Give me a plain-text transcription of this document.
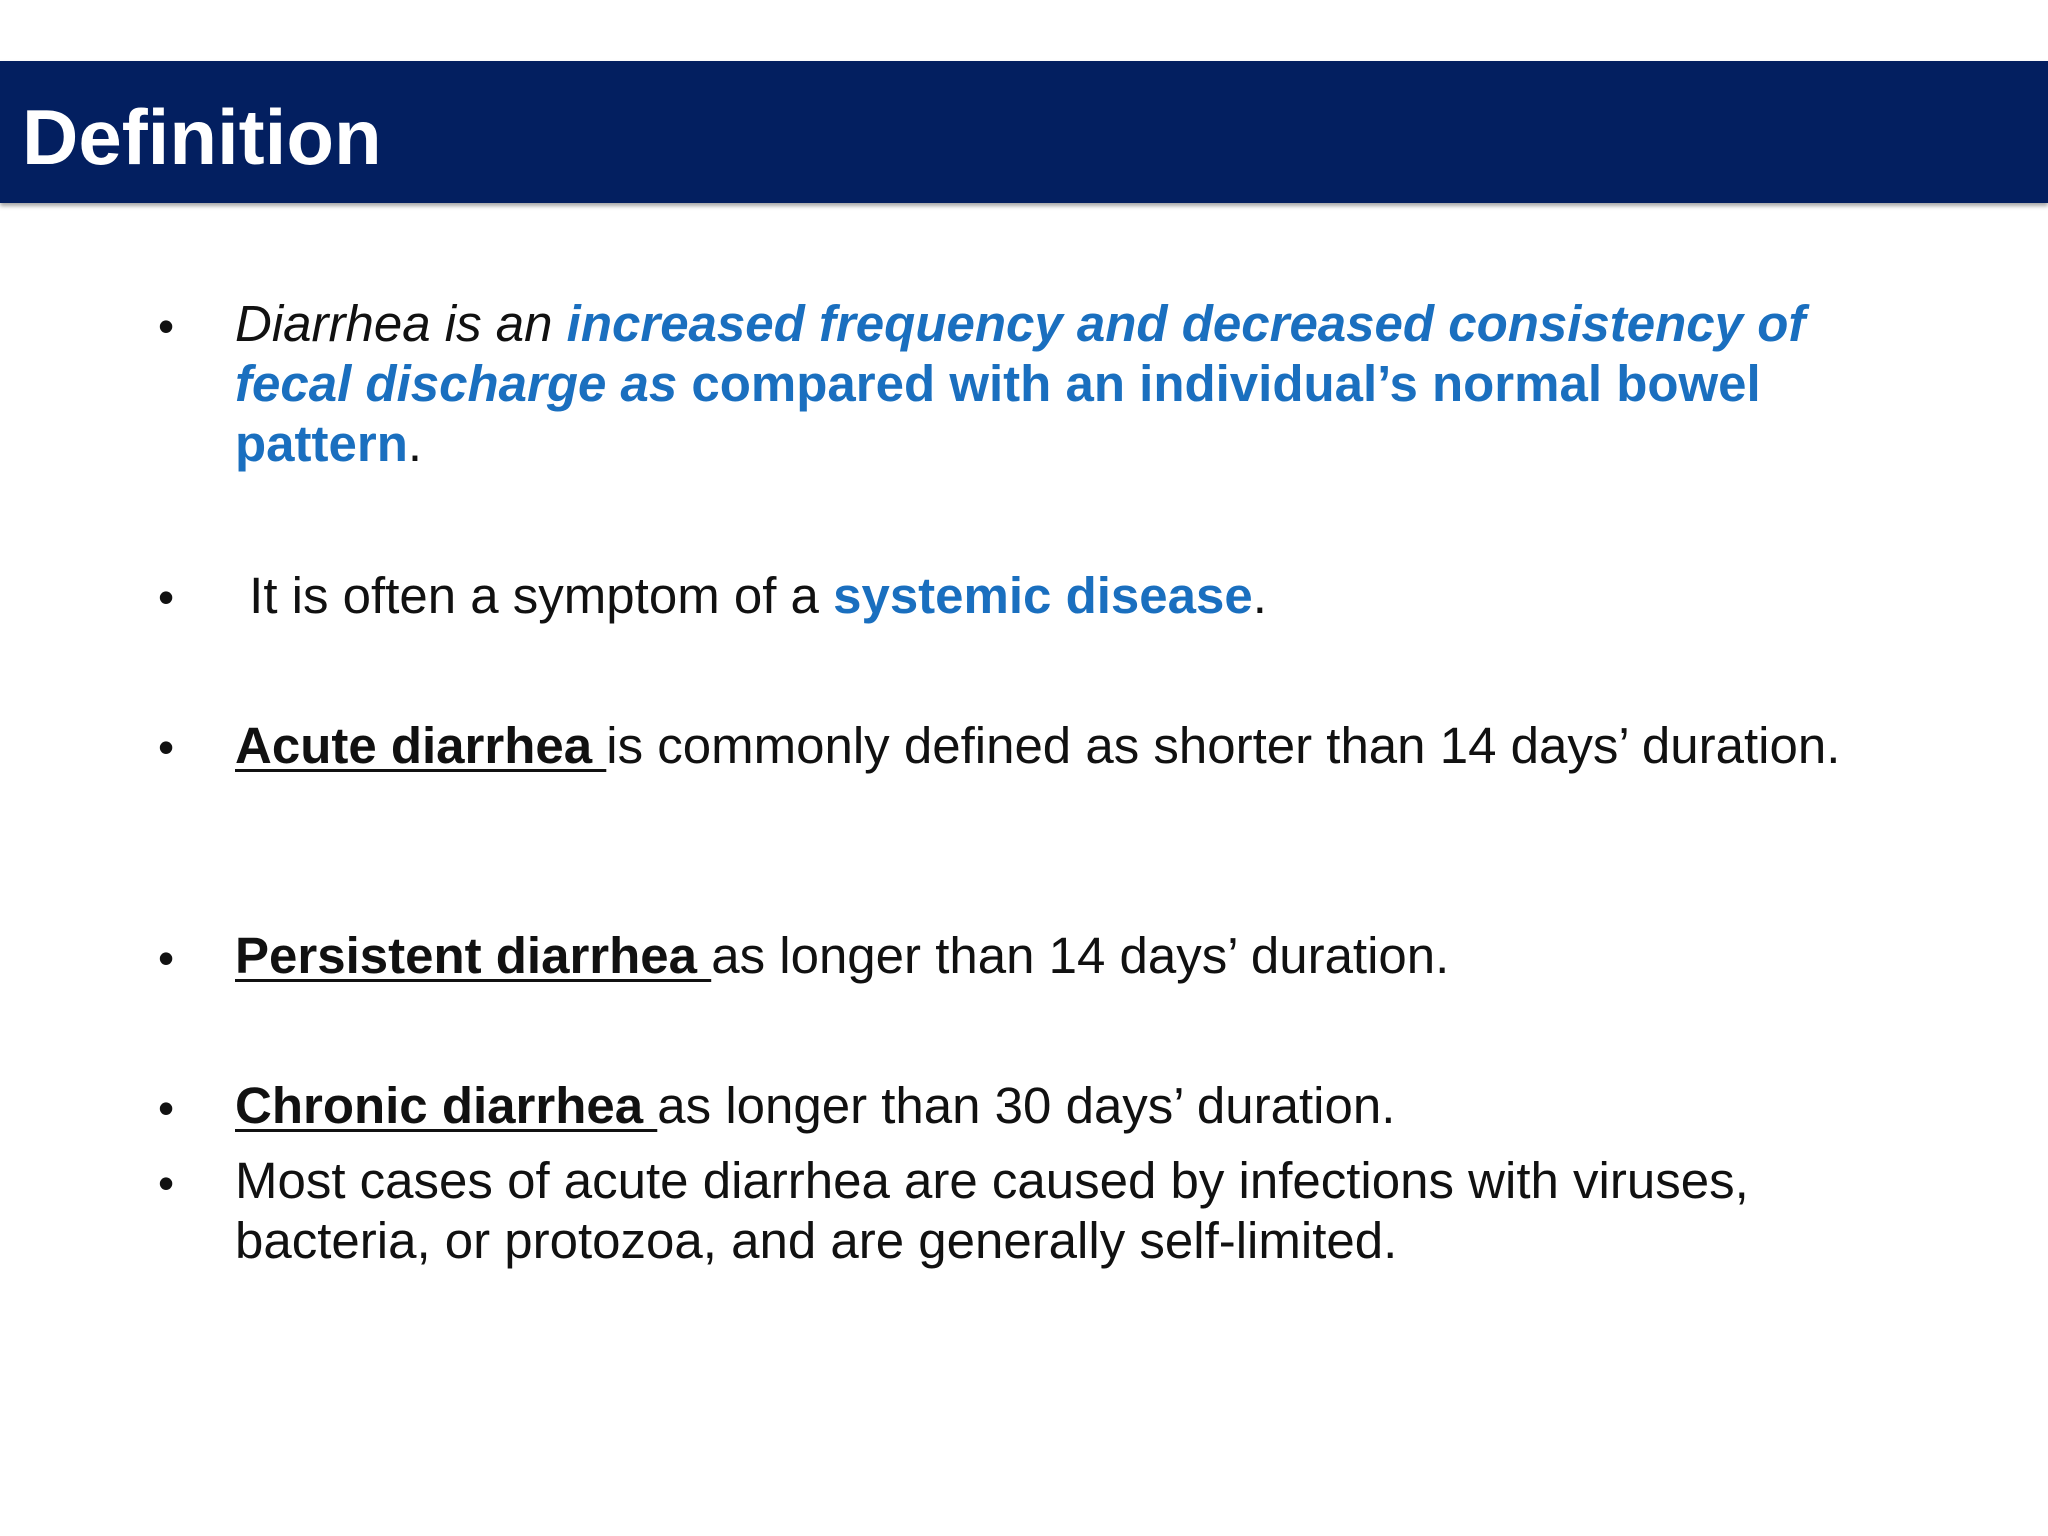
Definition
• Diarrhea is an increased frequency and decreased consistency of fecal discharge as compared with an individual’s normal bowel pattern.
• It is often a symptom of a systemic disease.
• Acute diarrhea is commonly defined as shorter than 14 days’ duration.
• Persistent diarrhea as longer than 14 days’ duration.
• Chronic diarrhea as longer than 30 days’ duration.
• Most cases of acute diarrhea are caused by infections with viruses, bacteria, or protozoa, and are generally self-limited.
